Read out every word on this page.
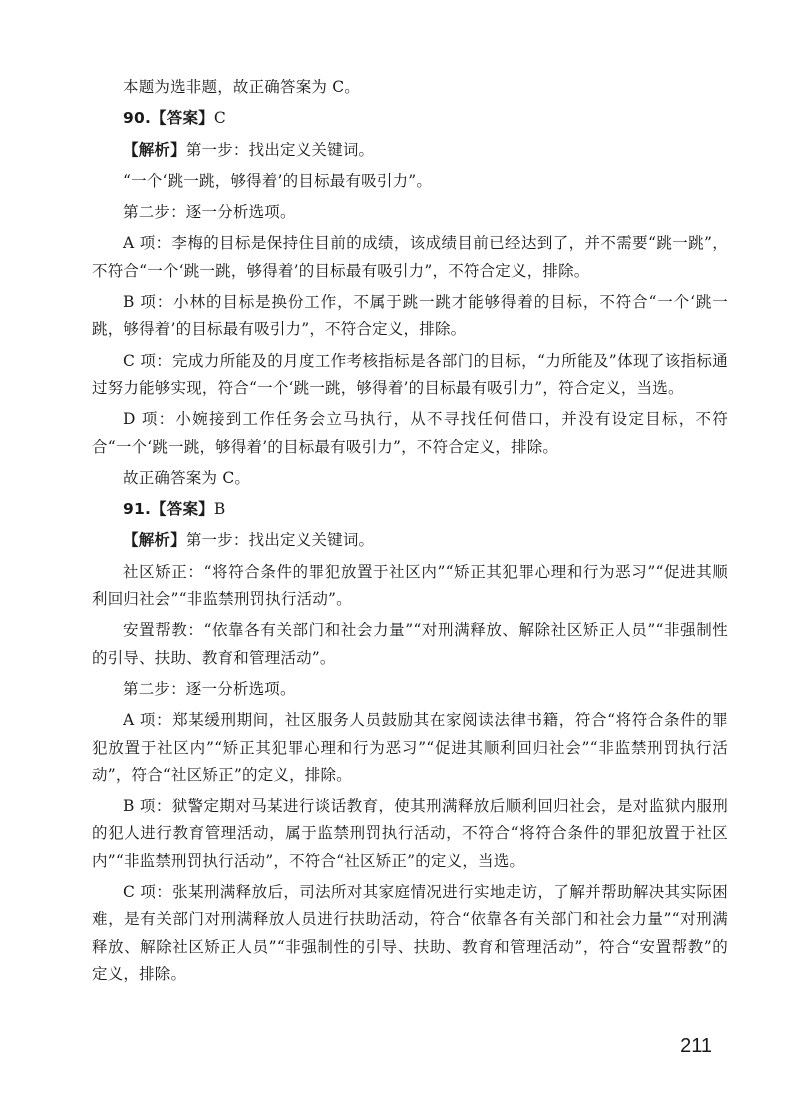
本题为选非题，故正确答案为 C。

90.【答案】C

【解析】第一步：找出定义关键词。

“一个‘跳一跳，够得着’的目标最有吸引力”。

第二步：逐一分析选项。

A 项：李梅的目标是保持住目前的成绩，该成绩目前已经达到了，并不需要“跳一跳”，不符合“一个‘跳一跳，够得着’的目标最有吸引力”，不符合定义，排除。

B 项：小林的目标是换份工作，不属于跳一跳才能够得着的目标，不符合“一个‘跳一跳，够得着’的目标最有吸引力”，不符合定义，排除。

C 项：完成力所能及的月度工作考核指标是各部门的目标，“力所能及”体现了该指标通过努力能够实现，符合“一个‘跳一跳，够得着’的目标最有吸引力”，符合定义，当选。

D 项：小婉接到工作任务会立马执行，从不寻找任何借口，并没有设定目标，不符合“一个‘跳一跳，够得着’的目标最有吸引力”，不符合定义，排除。

故正确答案为 C。

91.【答案】B

【解析】第一步：找出定义关键词。

社区矫正：“将符合条件的罪犯放置于社区内”“矫正其犯罪心理和行为恶习”“促进其顺利回归社会”“非监禁刑罚执行活动”。

安置帮教：“依靠各有关部门和社会力量”“对刑满释放、解除社区矫正人员”“非强制性的引导、扶助、教育和管理活动”。

第二步：逐一分析选项。

A 项：郑某缓刑期间，社区服务人员鼓励其在家阅读法律书籍，符合“将符合条件的罪犯放置于社区内”“矫正其犯罪心理和行为恶习”“促进其顺利回归社会”“非监禁刑罚执行活动”，符合“社区矫正”的定义，排除。

B 项：狱警定期对马某进行谈话教育，使其刑满释放后顺利回归社会，是对监狱内服刑的犯人进行教育管理活动，属于监禁刑罚执行活动，不符合“将符合条件的罪犯放置于社区内”“非监禁刑罚执行活动”，不符合“社区矫正”的定义，当选。

C 项：张某刑满释放后，司法所对其家庭情况进行实地走访，了解并帮助解决其实际困难，是有关部门对刑满释放人员进行扶助活动，符合“依靠各有关部门和社会力量”“对刑满释放、解除社区矫正人员”“非强制性的引导、扶助、教育和管理活动”，符合“安置帮教”的定义，排除。

211
